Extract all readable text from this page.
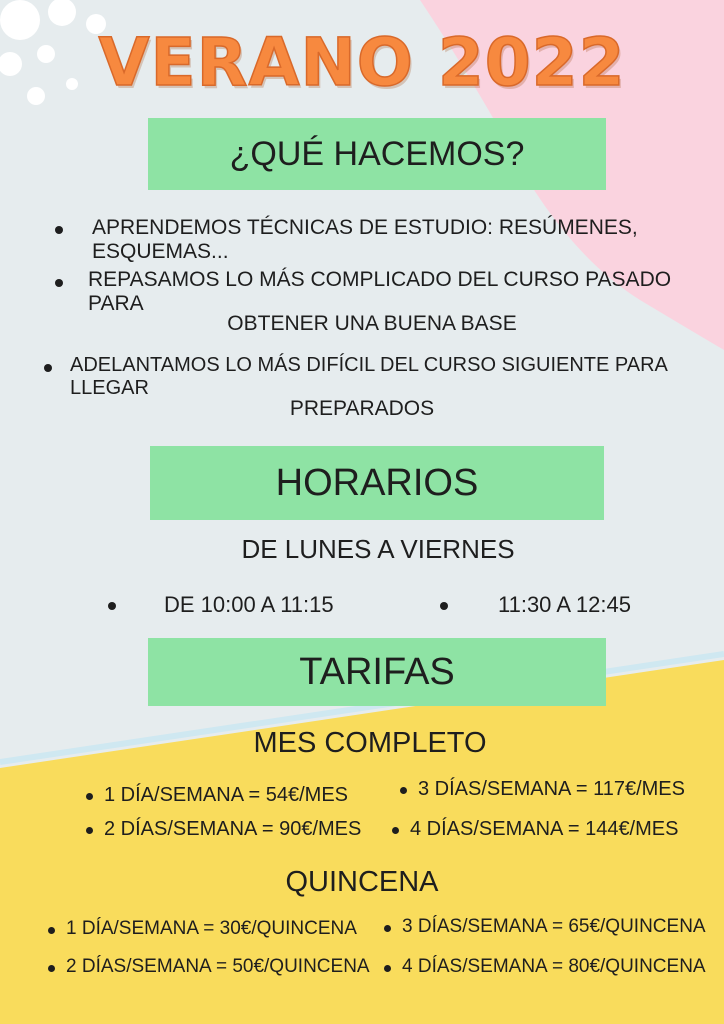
VERANO 2022
¿QUÉ HACEMOS?
APRENDEMOS TÉCNICAS DE ESTUDIO: RESÚMENES, ESQUEMAS...
REPASAMOS LO MÁS COMPLICADO DEL CURSO PASADO PARA
OBTENER UNA BUENA BASE
ADELANTAMOS LO MÁS DIFÍCIL DEL CURSO SIGUIENTE PARA LLEGAR
PREPARADOS
HORARIOS
DE LUNES A VIERNES
DE 10:00 A 11:15	11:30 A 12:45
TARIFAS
MES COMPLETO
1 DÍA/SEMANA = 54€/MES
2 DÍAS/SEMANA = 90€/MES
3 DÍAS/SEMANA = 117€/MES
4 DÍAS/SEMANA = 144€/MES
QUINCENA
1 DÍA/SEMANA = 30€/QUINCENA
2 DÍAS/SEMANA = 50€/QUINCENA
3 DÍAS/SEMANA = 65€/QUINCENA
4 DÍAS/SEMANA = 80€/QUINCENA
